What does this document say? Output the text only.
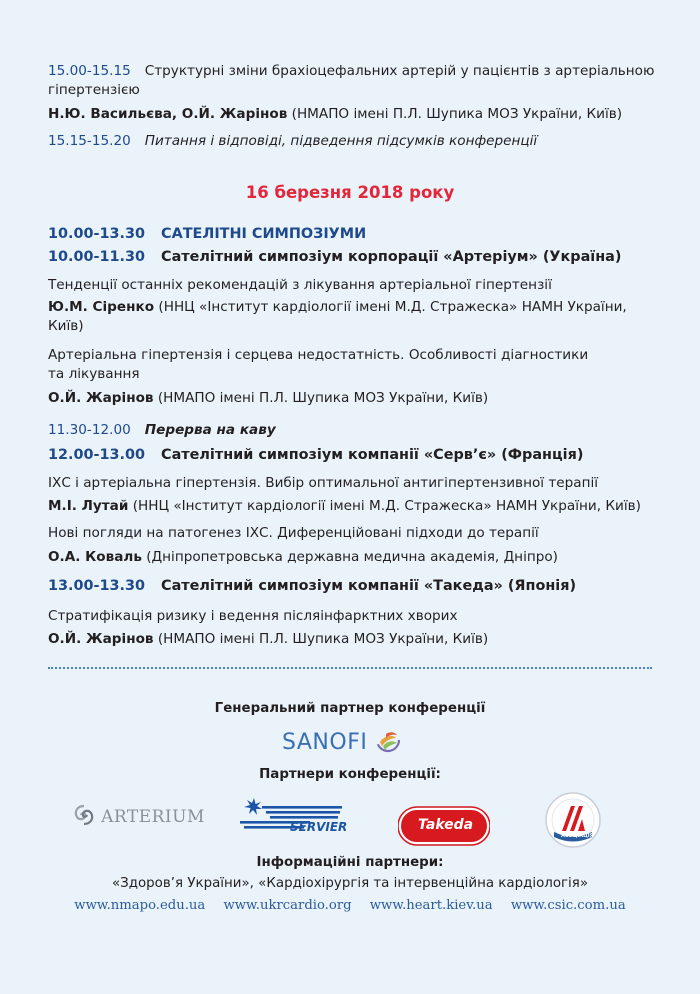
15.00-15.15 Структурні зміни брахіоцефальних артерій у пацієнтів з артеріальною
гіпертензією
Н.Ю. Васильєва, О.Й. Жарінов (НМАПО імені П.Л. Шупика МОЗ України, Київ)
15.15-15.20 Питання і відповіді, підведення підсумків конференції
16 березня 2018 року
10.00-13.30 САТЕЛІТНІ СИМПОЗІУМИ
10.00-11.30 Сателітний симпозіум корпорації «Артеріум» (Україна)
Тенденції останніх рекомендацій з лікування артеріальної гіпертензії
Ю.М. Сіренко (ННЦ «Інститут кардіології імені М.Д. Стражеска» НАМН України,
Київ)
Артеріальна гіпертензія і серцева недостатність. Особливості діагностики
та лікування
О.Й. Жарінов (НМАПО імені П.Л. Шупика МОЗ України, Київ)
11.30-12.00 Перерва на каву
12.00-13.00 Сателітний симпозіум компанії «Серв’є» (Франція)
ІХС і артеріальна гіпертензія. Вибір оптимальної антигіпертензивної терапії
М.І. Лутай (ННЦ «Інститут кардіології імені М.Д. Стражеска» НАМН України, Київ)
Нові погляди на патогенез ІХС. Диференційовані підходи до терапії
О.А. Коваль (Дніпропетровська державна медична академія, Дніпро)
13.00-13.30 Сателітний симпозіум компанії «Такеда» (Японія)
Стратифікація ризику і ведення післяінфарктних хворих
О.Й. Жарінов (НМАПО імені П.Л. Шупика МОЗ України, Київ)
Генеральний партнер конференції
SANOFI
Партнери конференції:
ARTERIUM	SERVIER	Takeda
АСОЦІАЦІЯ
Інформаційні партнери:
«Здоров’я України», «Кардіохірургія та інтервенційна кардіологія»
www.nmapo.edu.ua www.ukrcardio.org www.heart.kiev.ua www.csic.com.ua
